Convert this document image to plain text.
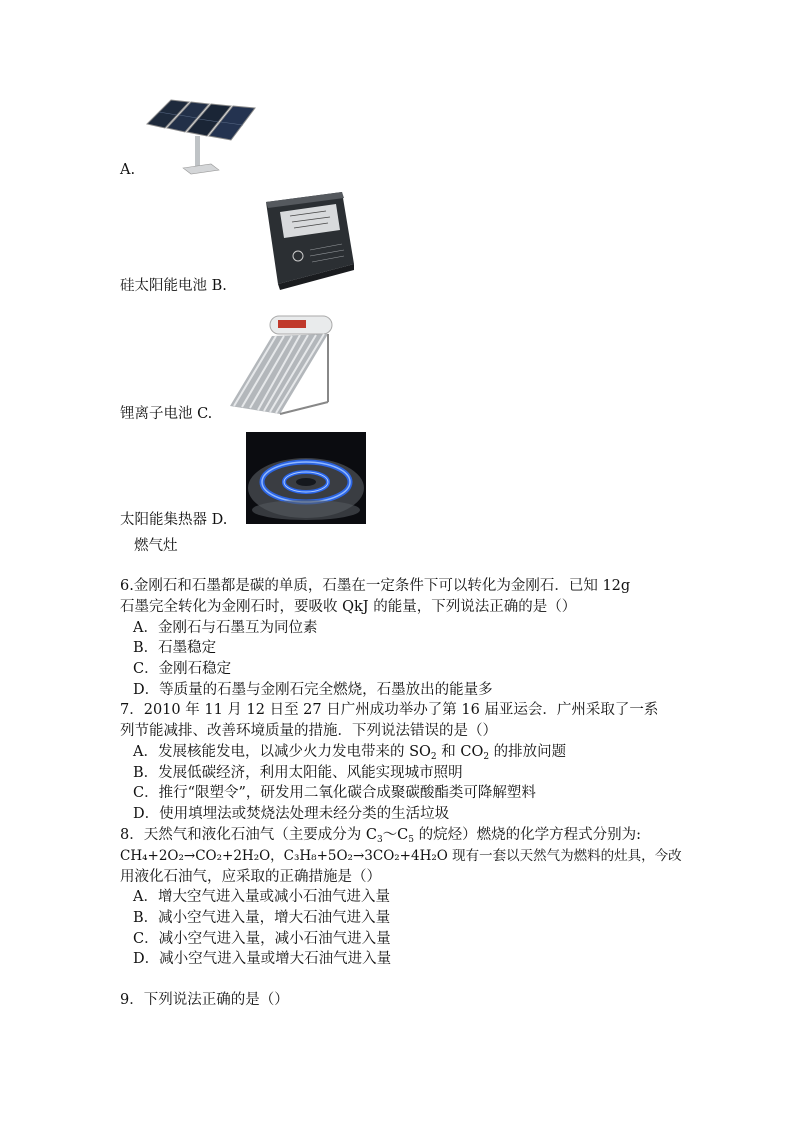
A.
硅太阳能电池 B.
锂离子电池 C.
太阳能集热器 D.
燃气灶
6.金刚石和石墨都是碳的单质，石墨在一定条件下可以转化为金刚石．已知 12g
石墨完全转化为金刚石时，要吸收 QkJ 的能量，下列说法正确的是（）
A．金刚石与石墨互为同位素
B．石墨稳定
C．金刚石稳定
D．等质量的石墨与金刚石完全燃烧，石墨放出的能量多
7．2010 年 11 月 12 日至 27 日广州成功举办了第 16 届亚运会．广州采取了一系
列节能减排、改善环境质量的措施．下列说法错误的是（）
A．发展核能发电，以减少火力发电带来的 $SO_2$ 和 $CO_2$ 的排放问题
B．发展低碳经济，利用太阳能、风能实现城市照明
C．推行“限塑令”，研发用二氧化碳合成聚碳酸酯类可降解塑料
D．使用填埋法或焚烧法处理未经分类的生活垃圾
8．天然气和液化石油气（主要成分为 $C_3\sim C_5$ 的烷烃）燃烧的化学方程式分别为:
CH₄+2O₂→CO₂+2H₂O，C₃H₈+5O₂→3CO₂+4H₂O 现有一套以天然气为燃料的灶具，今改
用液化石油气，应采取的正确措施是（）
A．增大空气进入量或减小石油气进入量
B．减小空气进入量，增大石油气进入量
C．减小空气进入量，减小石油气进入量
D．减小空气进入量或增大石油气进入量
9．下列说法正确的是（）
